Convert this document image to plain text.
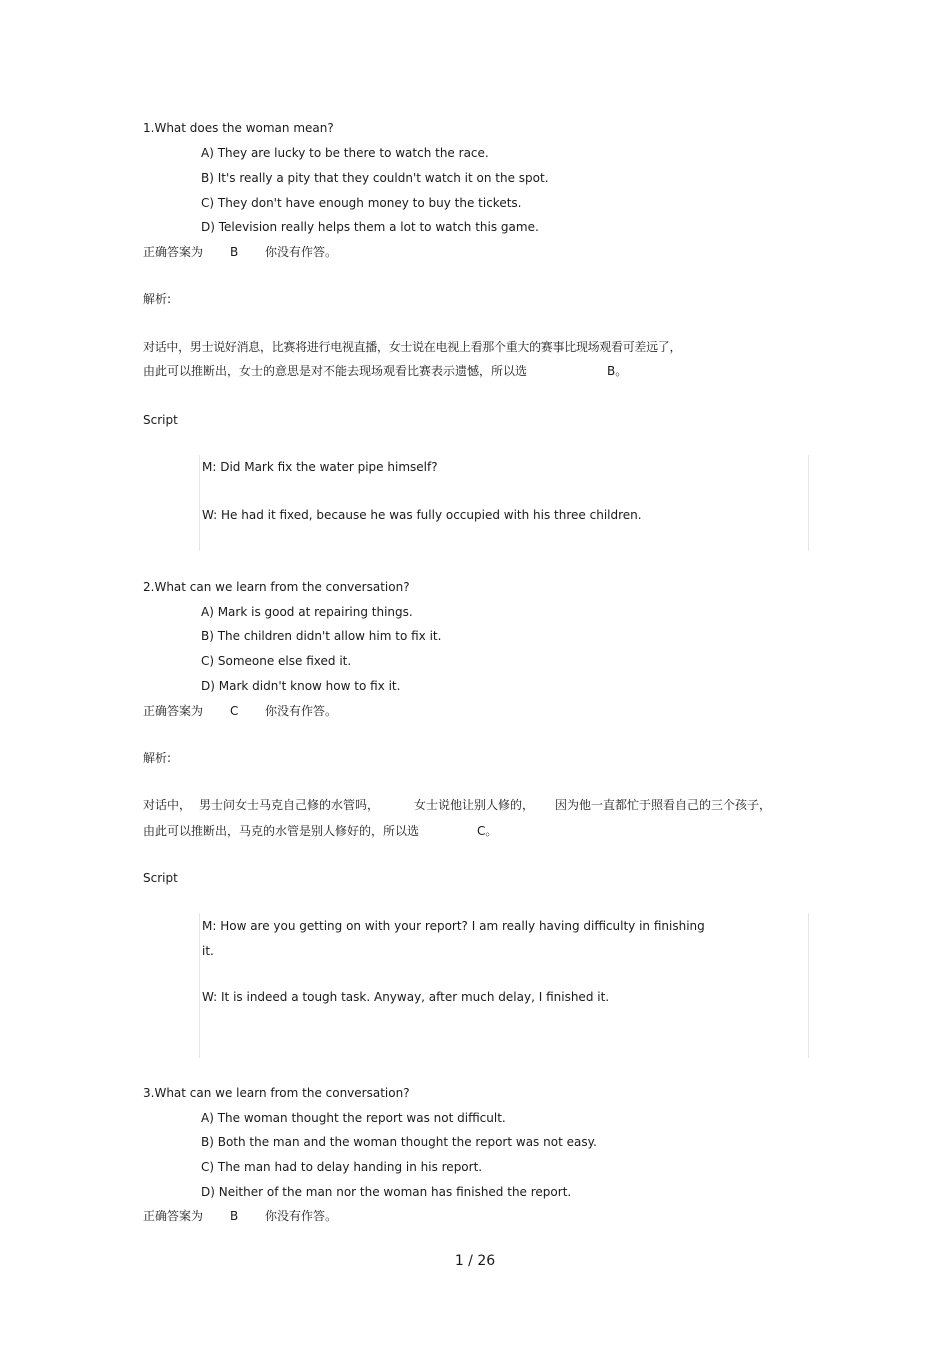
1.What does the woman mean?
A) They are lucky to be there to watch the race.
B) It's really a pity that they couldn't watch it on the spot.
C) They don't have enough money to buy the tickets.
D) Television really helps them a lot to watch this game.
正确答案为 B 你没有作答。
解析:
对话中，男士说好消息，比赛将进行电视直播，女士说在电视上看那个重大的赛事比现场观看可差远了，
由此可以推断出，女士的意思是对不能去现场观看比赛表示遗憾，所以选	B。
Script
M: Did Mark fix the water pipe himself?
W: He had it fixed, because he was fully occupied with his three children.
2.What can we learn from the conversation?
A) Mark is good at repairing things.
B) The children didn't allow him to fix it.
C) Someone else fixed it.
D) Mark didn't know how to fix it.
正确答案为 C 你没有作答。
解析:
对话中， 男士问女士马克自己修的水管吗，	女士说他让别人修的， 因为他一直都忙于照看自己的三个孩子，
由此可以推断出，马克的水管是别人修好的，所以选	C。
Script
M: How are you getting on with your report? I am really having difficulty in finishing
it.
W: It is indeed a tough task. Anyway, after much delay, I finished it.
3.What can we learn from the conversation?
A) The woman thought the report was not difficult.
B) Both the man and the woman thought the report was not easy.
C) The man had to delay handing in his report.
D) Neither of the man nor the woman has finished the report.
正确答案为 B 你没有作答。
1 / 26
